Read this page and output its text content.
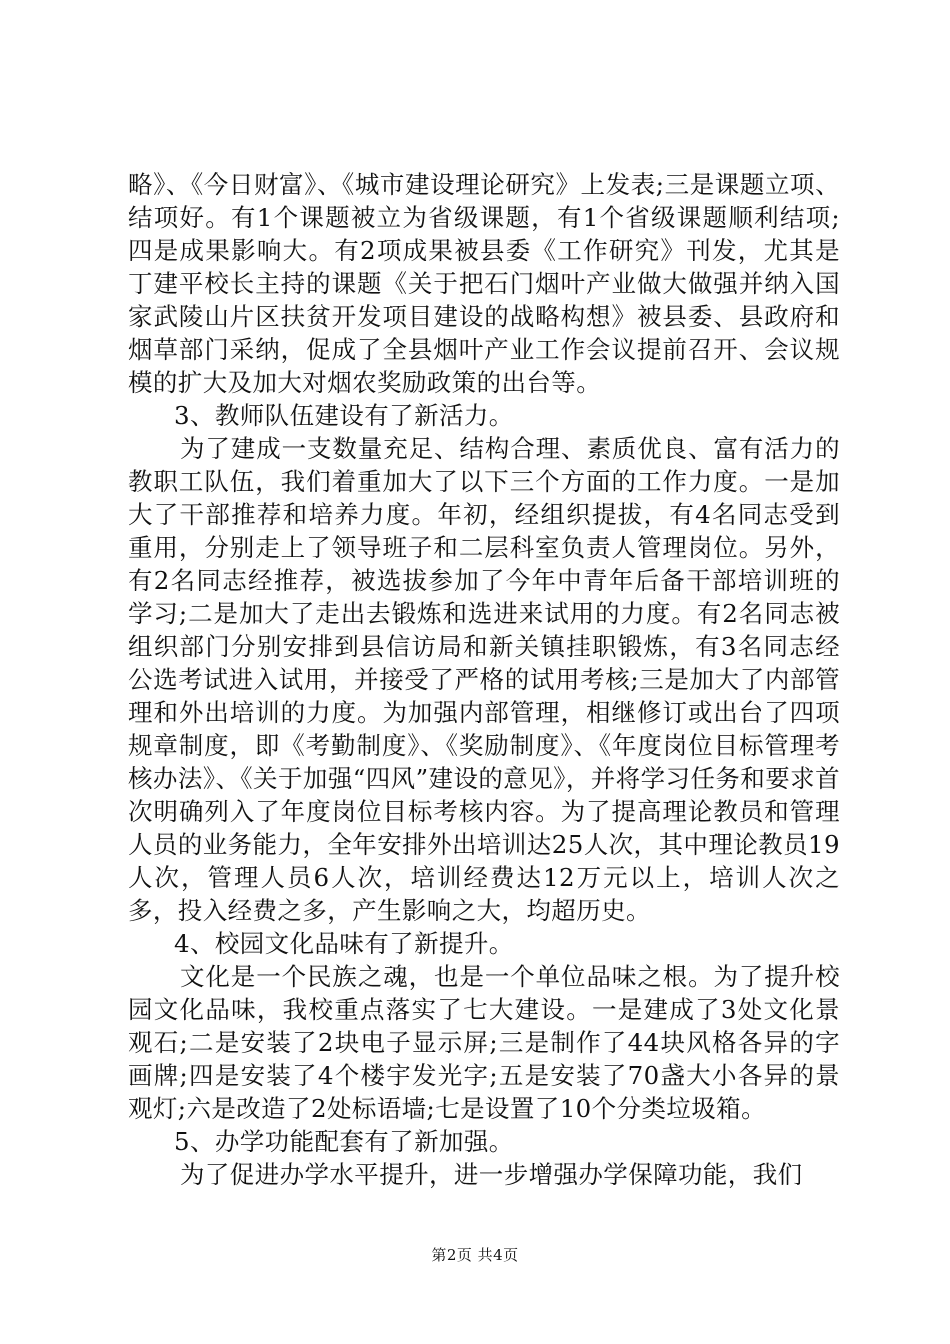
略》、《今日财富》、《城市建设理论研究》上发表;三是课题立项、结项好。有1个课题被立为省级课题，有1个省级课题顺利结项;四是成果影响大。有2项成果被县委《工作研究》刊发，尤其是丁建平校长主持的课题《关于把石门烟叶产业做大做强并纳入国家武陵山片区扶贫开发项目建设的战略构想》被县委、县政府和烟草部门采纳，促成了全县烟叶产业工作会议提前召开、会议规模的扩大及加大对烟农奖励政策的出台等。

3、教师队伍建设有了新活力。

为了建成一支数量充足、结构合理、素质优良、富有活力的教职工队伍，我们着重加大了以下三个方面的工作力度。一是加大了干部推荐和培养力度。年初，经组织提拔，有4名同志受到重用，分别走上了领导班子和二层科室负责人管理岗位。另外，有2名同志经推荐，被选拔参加了今年中青年后备干部培训班的学习;二是加大了走出去锻炼和选进来试用的力度。有2名同志被组织部门分别安排到县信访局和新关镇挂职锻炼，有3名同志经公选考试进入试用，并接受了严格的试用考核;三是加大了内部管理和外出培训的力度。为加强内部管理，相继修订或出台了四项规章制度，即《考勤制度》、《奖励制度》、《年度岗位目标管理考核办法》、《关于加强“四风”建设的意见》，并将学习任务和要求首次明确列入了年度岗位目标考核内容。为了提高理论教员和管理人员的业务能力，全年安排外出培训达25人次，其中理论教员19人次，管理人员6人次，培训经费达12万元以上，培训人次之多，投入经费之多，产生影响之大，均超历史。

4、校园文化品味有了新提升。

文化是一个民族之魂，也是一个单位品味之根。为了提升校园文化品味，我校重点落实了七大建设。一是建成了3处文化景观石;二是安装了2块电子显示屏;三是制作了44块风格各异的字画牌;四是安装了4个楼宇发光字;五是安装了70盏大小各异的景观灯;六是改造了2处标语墙;七是设置了10个分类垃圾箱。

5、办学功能配套有了新加强。

为了促进办学水平提升，进一步增强办学保障功能，我们

第2页 共4页
